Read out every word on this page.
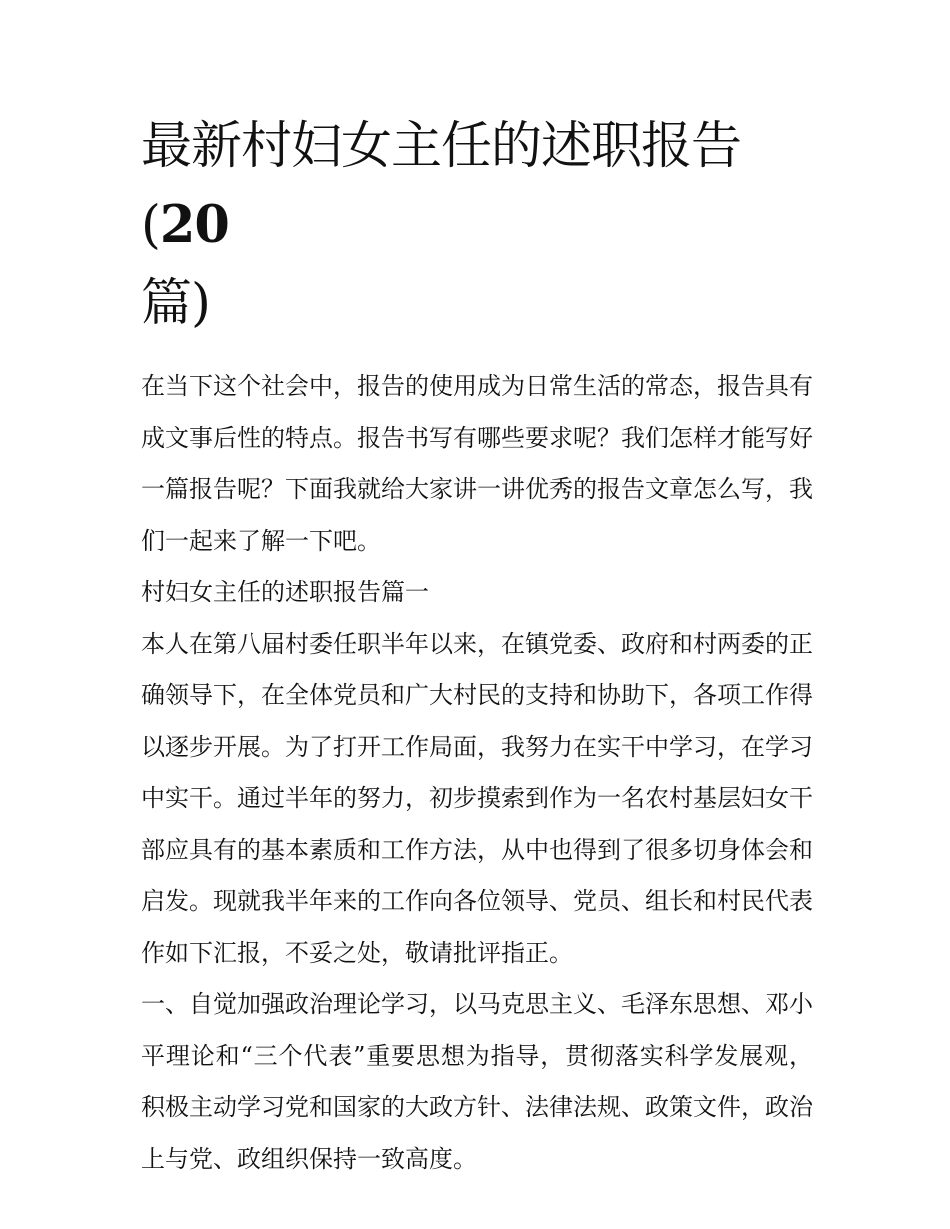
最新村妇女主任的述职报告(20
篇)

在当下这个社会中，报告的使用成为日常生活的常态，报告具有成文事后性的特点。报告书写有哪些要求呢？我们怎样才能写好一篇报告呢？下面我就给大家讲一讲优秀的报告文章怎么写，我们一起来了解一下吧。

村妇女主任的述职报告篇一

本人在第八届村委任职半年以来，在镇党委、政府和村两委的正确领导下，在全体党员和广大村民的支持和协助下，各项工作得以逐步开展。为了打开工作局面，我努力在实干中学习，在学习中实干。通过半年的努力，初步摸索到作为一名农村基层妇女干部应具有的基本素质和工作方法，从中也得到了很多切身体会和启发。现就我半年来的工作向各位领导、党员、组长和村民代表作如下汇报，不妥之处，敬请批评指正。

一、自觉加强政治理论学习，以马克思主义、毛泽东思想、邓小平理论和“三个代表”重要思想为指导，贯彻落实科学发展观，积极主动学习党和国家的大政方针、法律法规、政策文件，政治上与党、政组织保持一致高度。
